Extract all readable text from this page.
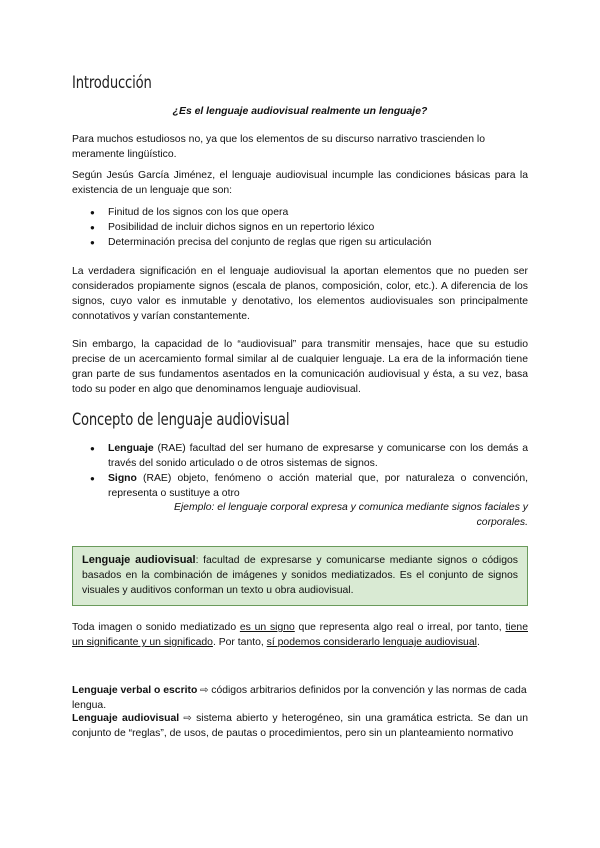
Introducción
¿Es el lenguaje audiovisual realmente un lenguaje?

Para muchos estudiosos no, ya que los elementos de su discurso narrativo trascienden lo meramente lingüístico.

Según Jesús García Jiménez, el lenguaje audiovisual incumple las condiciones básicas para la existencia de un lenguaje que son:

● Finitud de los signos con los que opera
● Posibilidad de incluir dichos signos en un repertorio léxico
● Determinación precisa del conjunto de reglas que rigen su articulación

La verdadera significación en el lenguaje audiovisual la aportan elementos que no pueden ser considerados propiamente signos (escala de planos, composición, color, etc.). A diferencia de los signos, cuyo valor es inmutable y denotativo, los elementos audiovisuales son principalmente connotativos y varían constantemente.

Sin embargo, la capacidad de lo “audiovisual” para transmitir mensajes, hace que su estudio precise de un acercamiento formal similar al de cualquier lenguaje. La era de la información tiene gran parte de sus fundamentos asentados en la comunicación audiovisual y ésta, a su vez, basa todo su poder en algo que denominamos lenguaje audiovisual.

Concepto de lenguaje audiovisual
● Lenguaje (RAE) facultad del ser humano de expresarse y comunicarse con los demás a través del sonido articulado o de otros sistemas de signos.
● Signo (RAE) objeto, fenómeno o acción material que, por naturaleza o convención, representa o sustituye a otro
Ejemplo: el lenguaje corporal expresa y comunica mediante signos faciales y corporales.
Lenguaje audiovisual: facultad de expresarse y comunicarse mediante signos o códigos basados en la combinación de imágenes y sonidos mediatizados. Es el conjunto de signos visuales y auditivos conforman un texto u obra audiovisual.

Toda imagen o sonido mediatizado es un signo que representa algo real o irreal, por tanto, tiene un significante y un significado. Por tanto, sí podemos considerarlo lenguaje audiovisual.

Lenguaje verbal o escrito ⇨ códigos arbitrarios definidos por la convención y las normas de cada lengua.

Lenguaje audiovisual ⇨ sistema abierto y heterogéneo, sin una gramática estricta. Se dan un conjunto de “reglas”, de usos, de pautas o procedimientos, pero sin un planteamiento normativo
